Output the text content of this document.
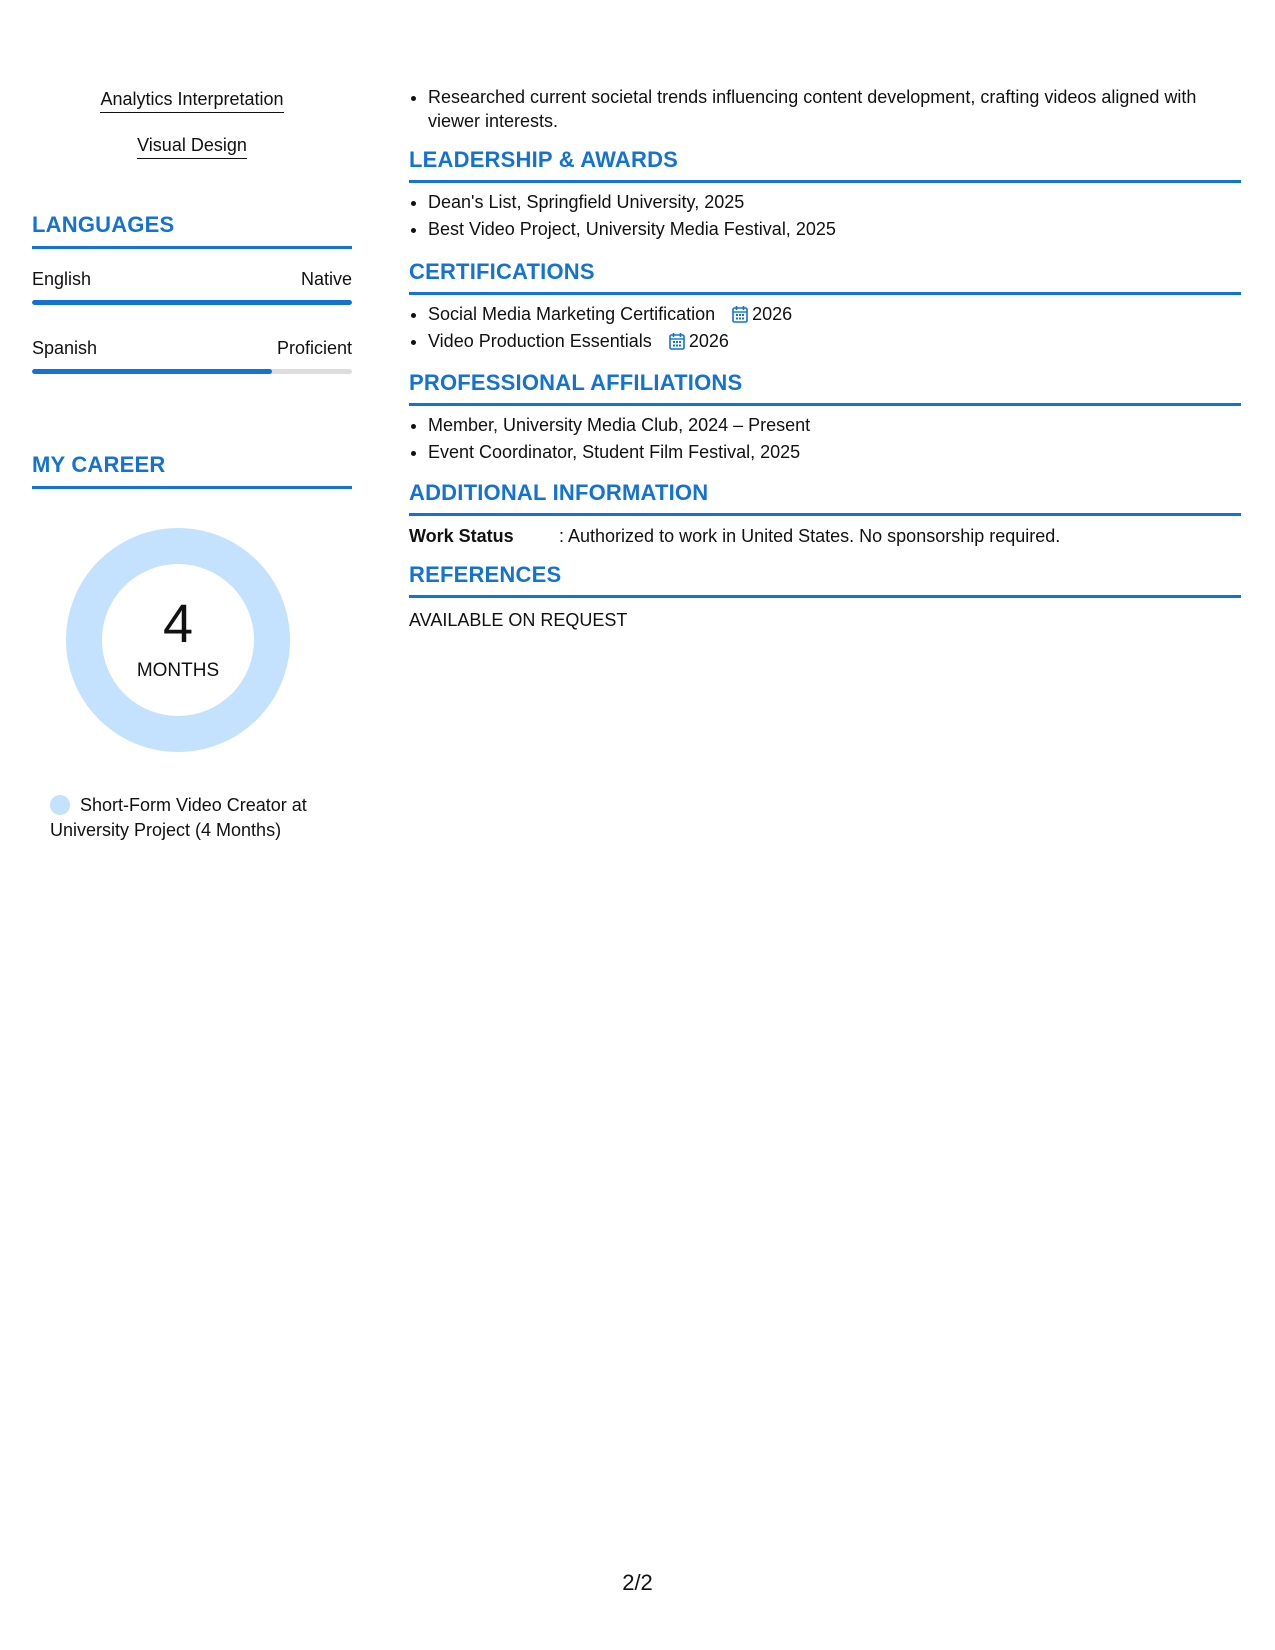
Analytics Interpretation
Visual Design
LANGUAGES
English	Native
Spanish	Proficient
MY CAREER
4
MONTHS
Short-Form Video Creator at University Project (4 Months)
• Researched current societal trends influencing content development, crafting videos aligned with viewer interests.
LEADERSHIP & AWARDS
• Dean's List, Springfield University, 2025
• Best Video Project, University Media Festival, 2025
CERTIFICATIONS
• Social Media Marketing Certification 2026
• Video Production Essentials 2026
PROFESSIONAL AFFILIATIONS
• Member, University Media Club, 2024 – Present
• Event Coordinator, Student Film Festival, 2025
ADDITIONAL INFORMATION
Work Status	: Authorized to work in United States. No sponsorship required.
REFERENCES
AVAILABLE ON REQUEST
2/2
